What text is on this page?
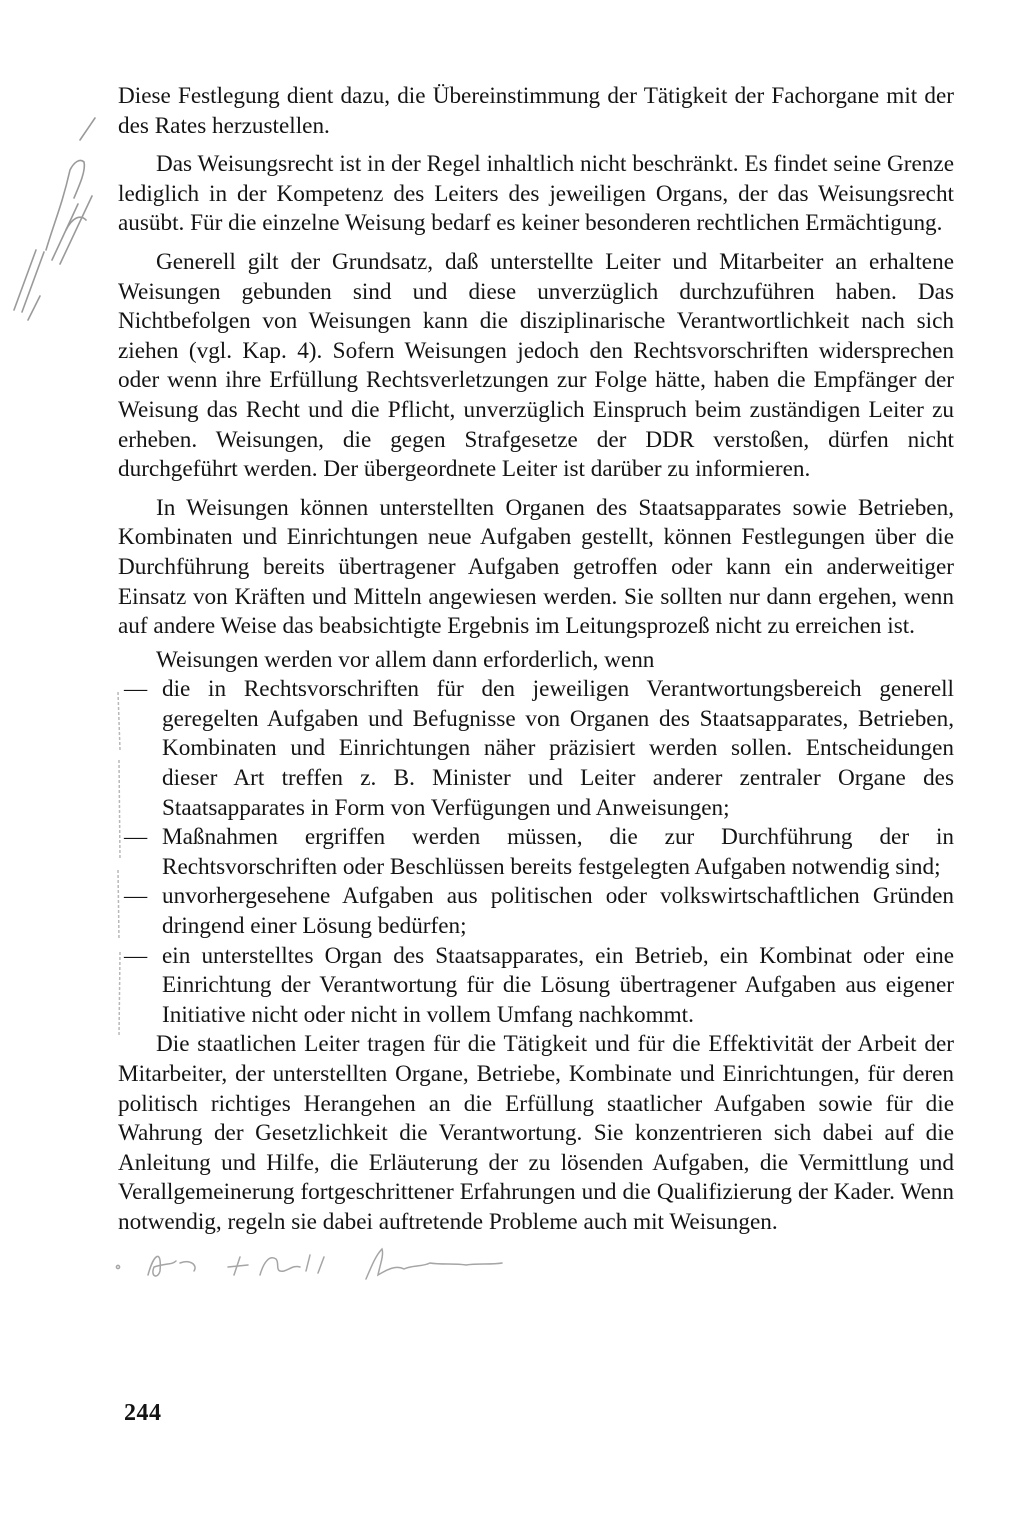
Diese Festlegung dient dazu, die Übereinstimmung der Tätigkeit der Fachorgane mit der des Rates herzustellen.

Das Weisungsrecht ist in der Regel inhaltlich nicht beschränkt. Es findet seine Grenze lediglich in der Kompetenz des Leiters des jeweiligen Organs, der das Weisungsrecht ausübt. Für die einzelne Weisung bedarf es keiner besonderen rechtlichen Ermächtigung.

Generell gilt der Grundsatz, daß unterstellte Leiter und Mitarbeiter an erhaltene Weisungen gebunden sind und diese unverzüglich durchzuführen haben. Das Nichtbefolgen von Weisungen kann die disziplinarische Verantwortlichkeit nach sich ziehen (vgl. Kap. 4). Sofern Weisungen jedoch den Rechtsvorschriften widersprechen oder wenn ihre Erfüllung Rechtsverletzungen zur Folge hätte, haben die Empfänger der Weisung das Recht und die Pflicht, unverzüglich Einspruch beim zuständigen Leiter zu erheben. Weisungen, die gegen Strafgesetze der DDR verstoßen, dürfen nicht durchgeführt werden. Der übergeordnete Leiter ist darüber zu informieren.

In Weisungen können unterstellten Organen des Staatsapparates sowie Betrieben, Kombinaten und Einrichtungen neue Aufgaben gestellt, können Festlegungen über die Durchführung bereits übertragener Aufgaben getroffen oder kann ein anderweitiger Einsatz von Kräften und Mitteln angewiesen werden. Sie sollten nur dann ergehen, wenn auf andere Weise das beabsichtigte Ergebnis im Leitungsprozeß nicht zu erreichen ist.

Weisungen werden vor allem dann erforderlich, wenn

— die in Rechtsvorschriften für den jeweiligen Verantwortungsbereich generell geregelten Aufgaben und Befugnisse von Organen des Staatsapparates, Betrieben, Kombinaten und Einrichtungen näher präzisiert werden sollen. Entscheidungen dieser Art treffen z. B. Minister und Leiter anderer zentraler Organe des Staatsapparates in Form von Verfügungen und Anweisungen;
— Maßnahmen ergriffen werden müssen, die zur Durchführung der in Rechtsvorschriften oder Beschlüssen bereits festgelegten Aufgaben notwendig sind;
— unvorhergesehene Aufgaben aus politischen oder volkswirtschaftlichen Gründen dringend einer Lösung bedürfen;
— ein unterstelltes Organ des Staatsapparates, ein Betrieb, ein Kombinat oder eine Einrichtung der Verantwortung für die Lösung übertragener Aufgaben aus eigener Initiative nicht oder nicht in vollem Umfang nachkommt.

Die staatlichen Leiter tragen für die Tätigkeit und für die Effektivität der Arbeit der Mitarbeiter, der unterstellten Organe, Betriebe, Kombinate und Einrichtungen, für deren politisch richtiges Herangehen an die Erfüllung staatlicher Aufgaben sowie für die Wahrung der Gesetzlichkeit die Verantwortung. Sie konzentrieren sich dabei auf die Anleitung und Hilfe, die Erläuterung der zu lösenden Aufgaben, die Vermittlung und Verallgemeinerung fortgeschrittener Erfahrungen und die Qualifizierung der Kader. Wenn notwendig, regeln sie dabei auftretende Probleme auch mit Weisungen.

244
